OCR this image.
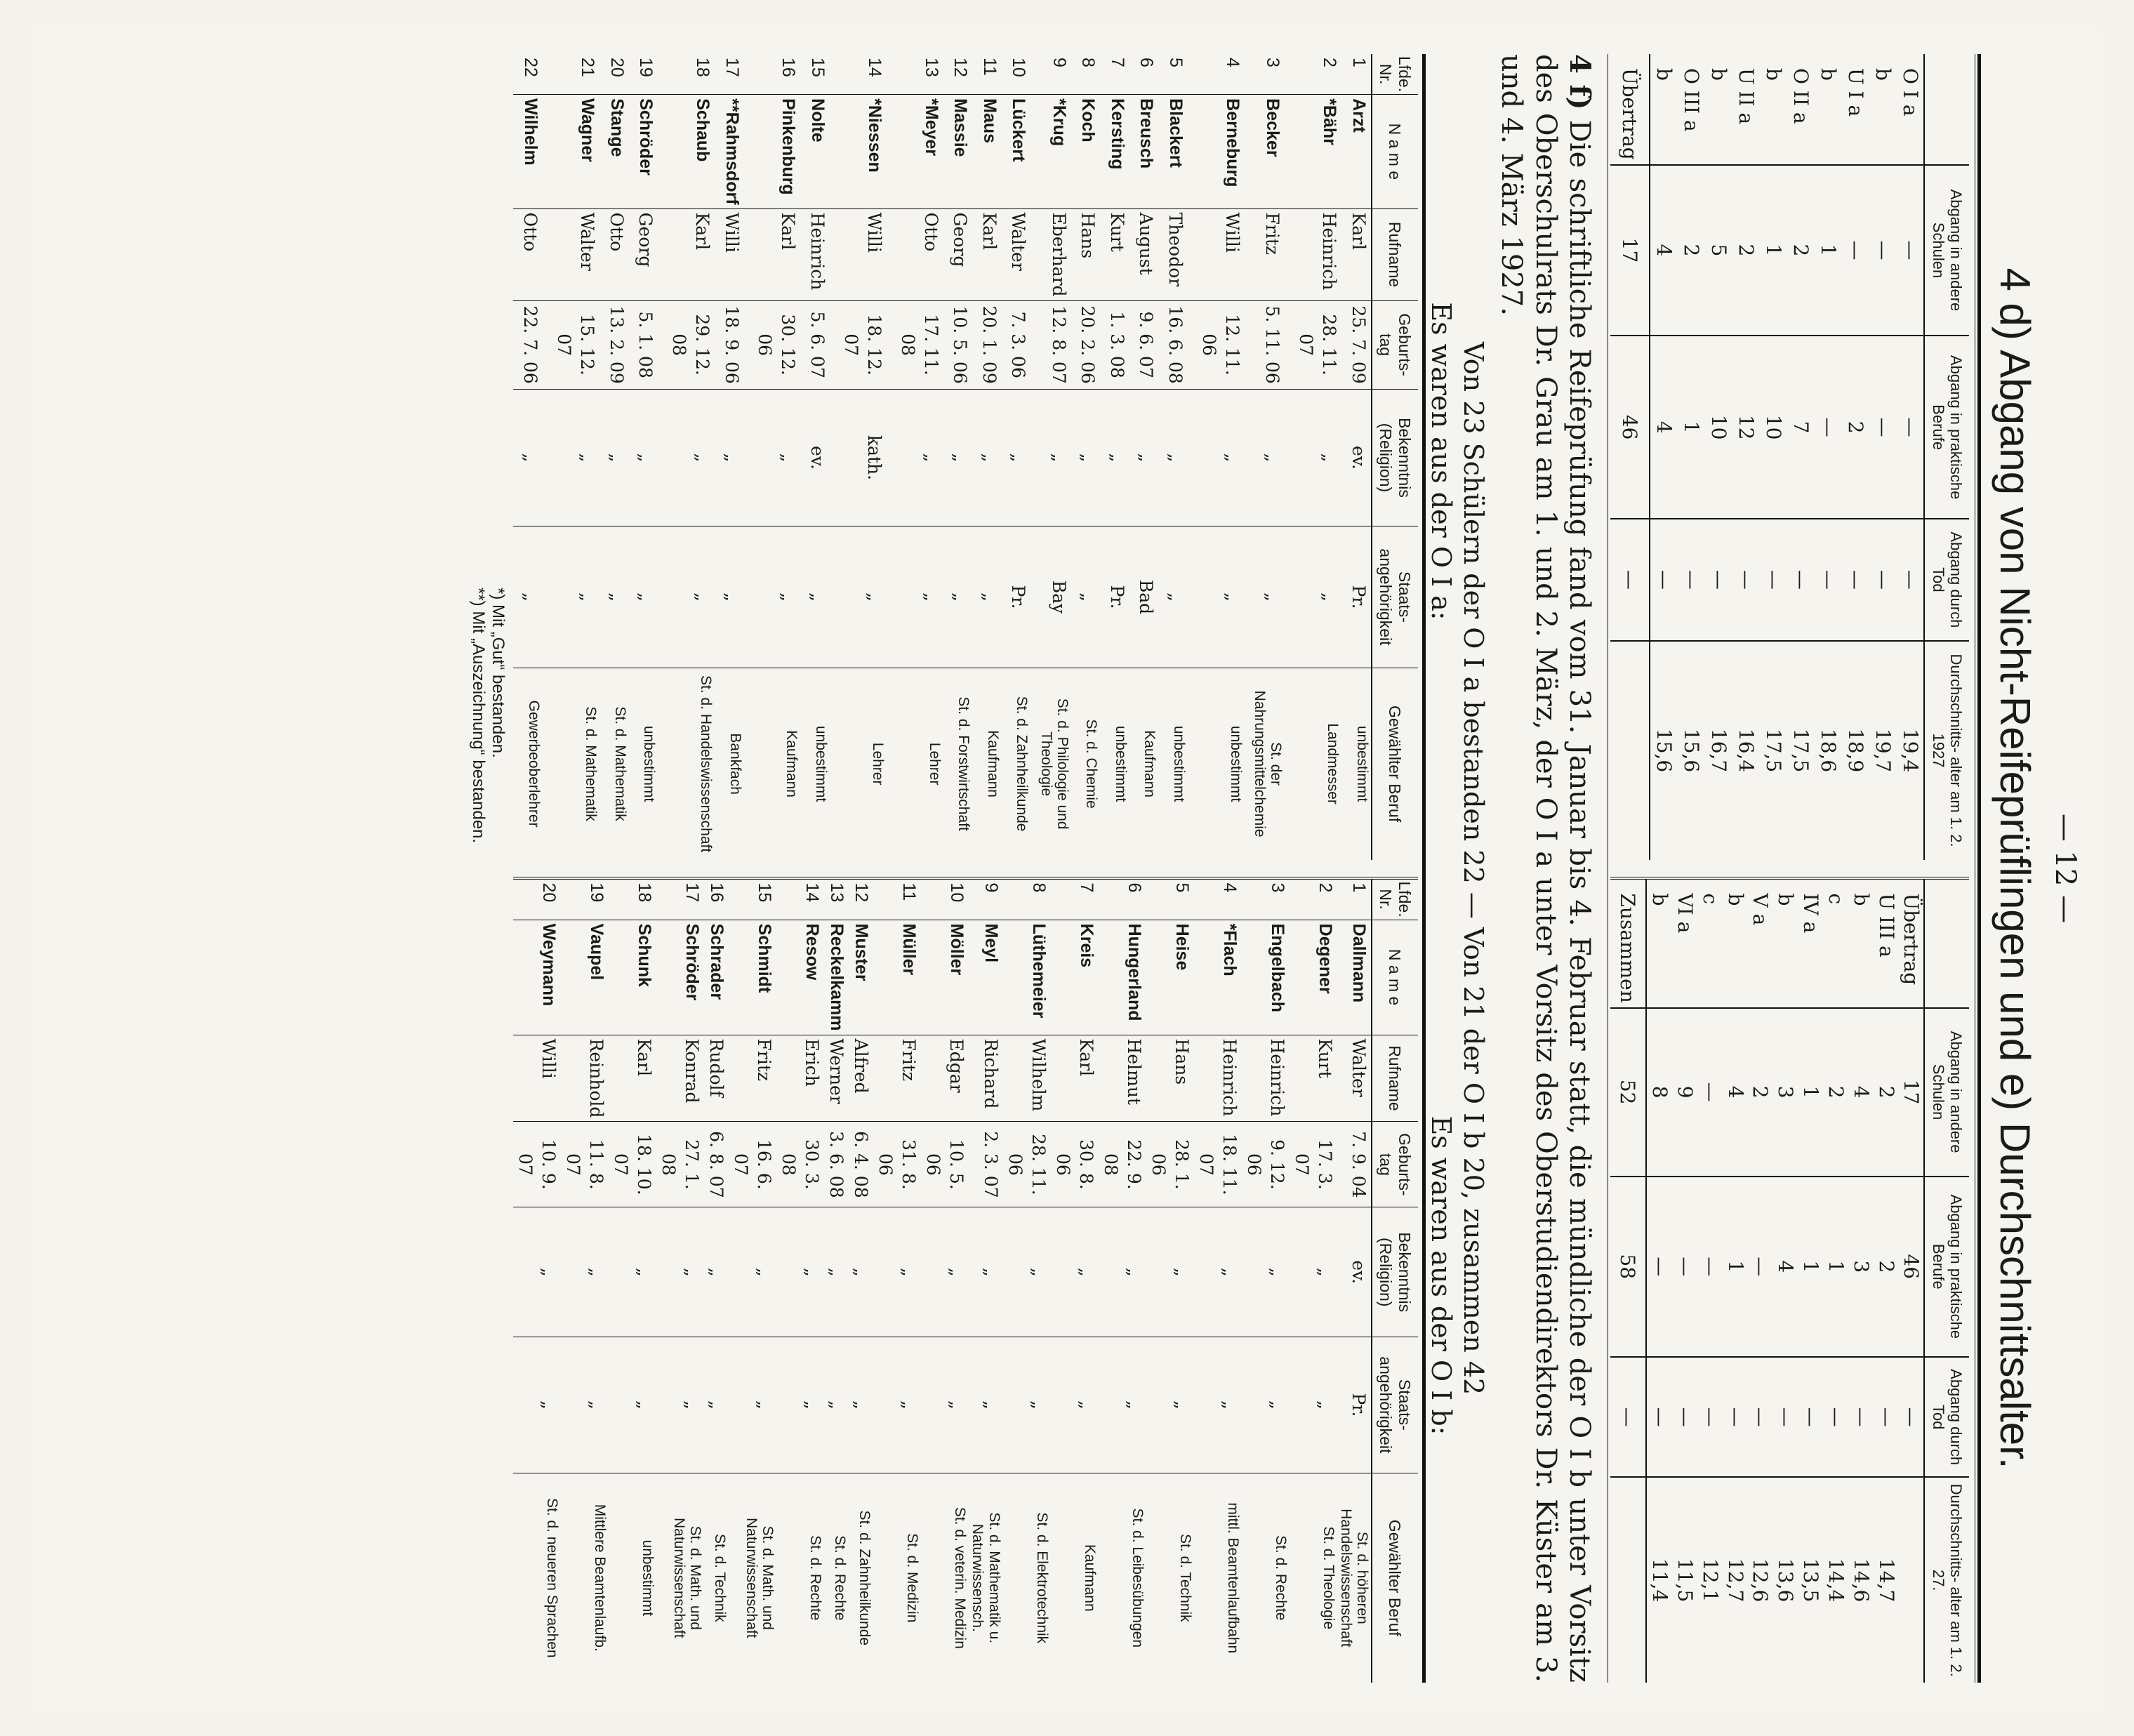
— 12 —
4 d) Abgang von Nicht-Reifeprüflingen und e) Durchschnittsalter.
	Abgang in andere Schulen	Abgang in praktische Berufe	Abgang durch Tod	Durchschnitts- alter am 1. 2. 1927
O I a	—	—	—	19,4
b	—	—	—	19,7
U I a	—	2	—	18,9
b	1	—	—	18,6
O II a	2	7	—	17,5
b	1	10	—	17,5
U II a	2	12	—	16,4
b	5	10	—	16,7
O III a	2	1	—	15,6
b	4	4	—	15,6
Übertrag	17	46	—	
	Abgang in andere Schulen	Abgang in praktische Berufe	Abgang durch Tod	Durchschnitts- alter am 1. 2. 27.
Übertrag	17	46	—	
U III a	2	2	—	14,7
b	4	3	—	14,6
c	2	1	—	14,4
IV a	1	1	—	13,5
b	3	4	—	13,6
V a	2	—	—	12,6
b	4	1	—	12,7
c	—	—	—	12,1
VI a	9	—	—	11,5
b	8	—	—	11,4
Zusammen	52	58	—	
4 f) Die schriftliche Reifeprüfung fand vom 31. Januar bis 4. Februar statt, die mündliche der O I b unter Vorsitz des Oberschulrats Dr. Grau am 1. und 2. März, der O I a unter Vorsitz des Oberstudiendirektors Dr. Küster am 3. und 4. März 1927.
Von 23 Schülern der O I a bestanden 22 — Von 21 der O I b 20, zusammen 42
Es waren aus der O I a:
Es waren aus der O I b:
Lfde. Nr.	N a m e	Rufname	Geburts- tag	Bekenntnis (Religion)	Staats- angehörigkeit	Gewählter Beruf
1	Arzt	Karl	25. 7. 09	ev.	Pr.	unbestimmt
2	*Bähr	Heinrich	28. 11. 07	„	„	Landmesser
3	Becker	Fritz	5. 11. 06	„	„	St. der Nahrungsmittelchemie
4	Berneburg	Willi	12. 11. 06	„	„	unbestimmt
5	Blackert	Theodor	16. 6. 08	„	„	unbestimmt
6	Breusch	August	9. 6. 07	„	Bad	Kaufmann
7	Kersting	Kurt	1. 3. 08	„	Pr.	unbestimmt
8	Koch	Hans	20. 2. 06	„	„	St. d. Chemie
9	*Krug	Eberhard	12. 8. 07	„	Bay	St. d. Philologie und Theologie
10	Lückert	Walter	7. 3. 06	„	Pr.	St. d. Zahnheilkunde
11	Maus	Karl	20. 1. 09	„	„	Kaufmann
12	Massie	Georg	10. 5. 06	„	„	St. d. Forstwirtschaft
13	*Meyer	Otto	17. 11. 08	„	„	Lehrer
14	*Niessen	Willi	18. 12. 07	kath.	„	Lehrer
15	Nolte	Heinrich	5. 6. 07	ev.	„	unbestimmt
16	Pinkenburg	Karl	30. 12. 06	„	„	Kaufmann
17	**Rahmsdorf	Willi	18. 9. 06	„	„	Bankfach
18	Schaub	Karl	29. 12. 08	„	„	St. d. Handelswissenschaft
19	Schröder	Georg	5. 1. 08	„	„	unbestimmt
20	Stange	Otto	13. 2. 09	„	„	St. d. Mathematik
21	Wagner	Walter	15. 12. 07	„	„	St. d. Mathematik
22	Wilhelm	Otto	22. 7. 06	„	„	Gewerbeoberlehrer
Lfde. Nr.	N a m e	Rufname	Geburts- tag	Bekenntnis (Religion)	Staats- angehörigkeit	Gewählter Beruf
1	Dallmann	Walter	7. 9. 04	ev.	Pr.	St. d. höheren Handelswissenschaft
2	Degener	Kurt	17. 3. 07	„	„	St. d. Theologie
3	Engelbach	Heinrich	9. 12. 06	„	„	St. d. Rechte
4	*Flach	Heinrich	18. 11. 07	„	„	mittl. Beamtenlaufbahn
5	Heise	Hans	28. 1. 06	„	„	St. d. Technik
6	Hungerland	Helmut	22. 9. 08	„	„	St. d. Leibesübungen
7	Kreis	Karl	30. 8. 06	„	„	Kaufmann
8	Lüthemeier	Wilhelm	28. 11. 06	„	„	St. d. Elektrotechnik
9	Meyl	Richard	2. 3. 07	„	„	St. d. Mathematik u. Naturwissensch.
10	Möller	Edgar	10. 5. 06	„	„	St. d. veterin. Medizin
11	Müller	Fritz	31. 8. 06	„	„	St. d. Medizin
12	Muster	Alfred	6. 4. 08	„	„	St. d. Zahnheilkunde
13	Reckelkamm	Werner	3. 6. 08	„	„	St. d. Rechte
14	Resow	Erich	30. 3. 08	„	„	St. d. Rechte
15	Schmidt	Fritz	16. 6. 07	„	„	St. d. Math. und Naturwissenschaft
16	Schrader	Rudolf	6. 8. 07	„	„	St. d. Technik
17	Schröder	Konrad	27. 1. 08	„	„	St. d. Math. und Naturwissenschaft
18	Schunk	Karl	18. 10. 07	„	„	unbestimmt
19	Vaupel	Reinhold	11. 8. 07	„	„	Mittlere Beamtenlaufb.
20	Weymann	Willi	10. 9. 07	„	„	St. d. neueren Sprachen
*) Mit „Gut“ bestanden.
**) Mit „Auszeichnung“ bestanden.
